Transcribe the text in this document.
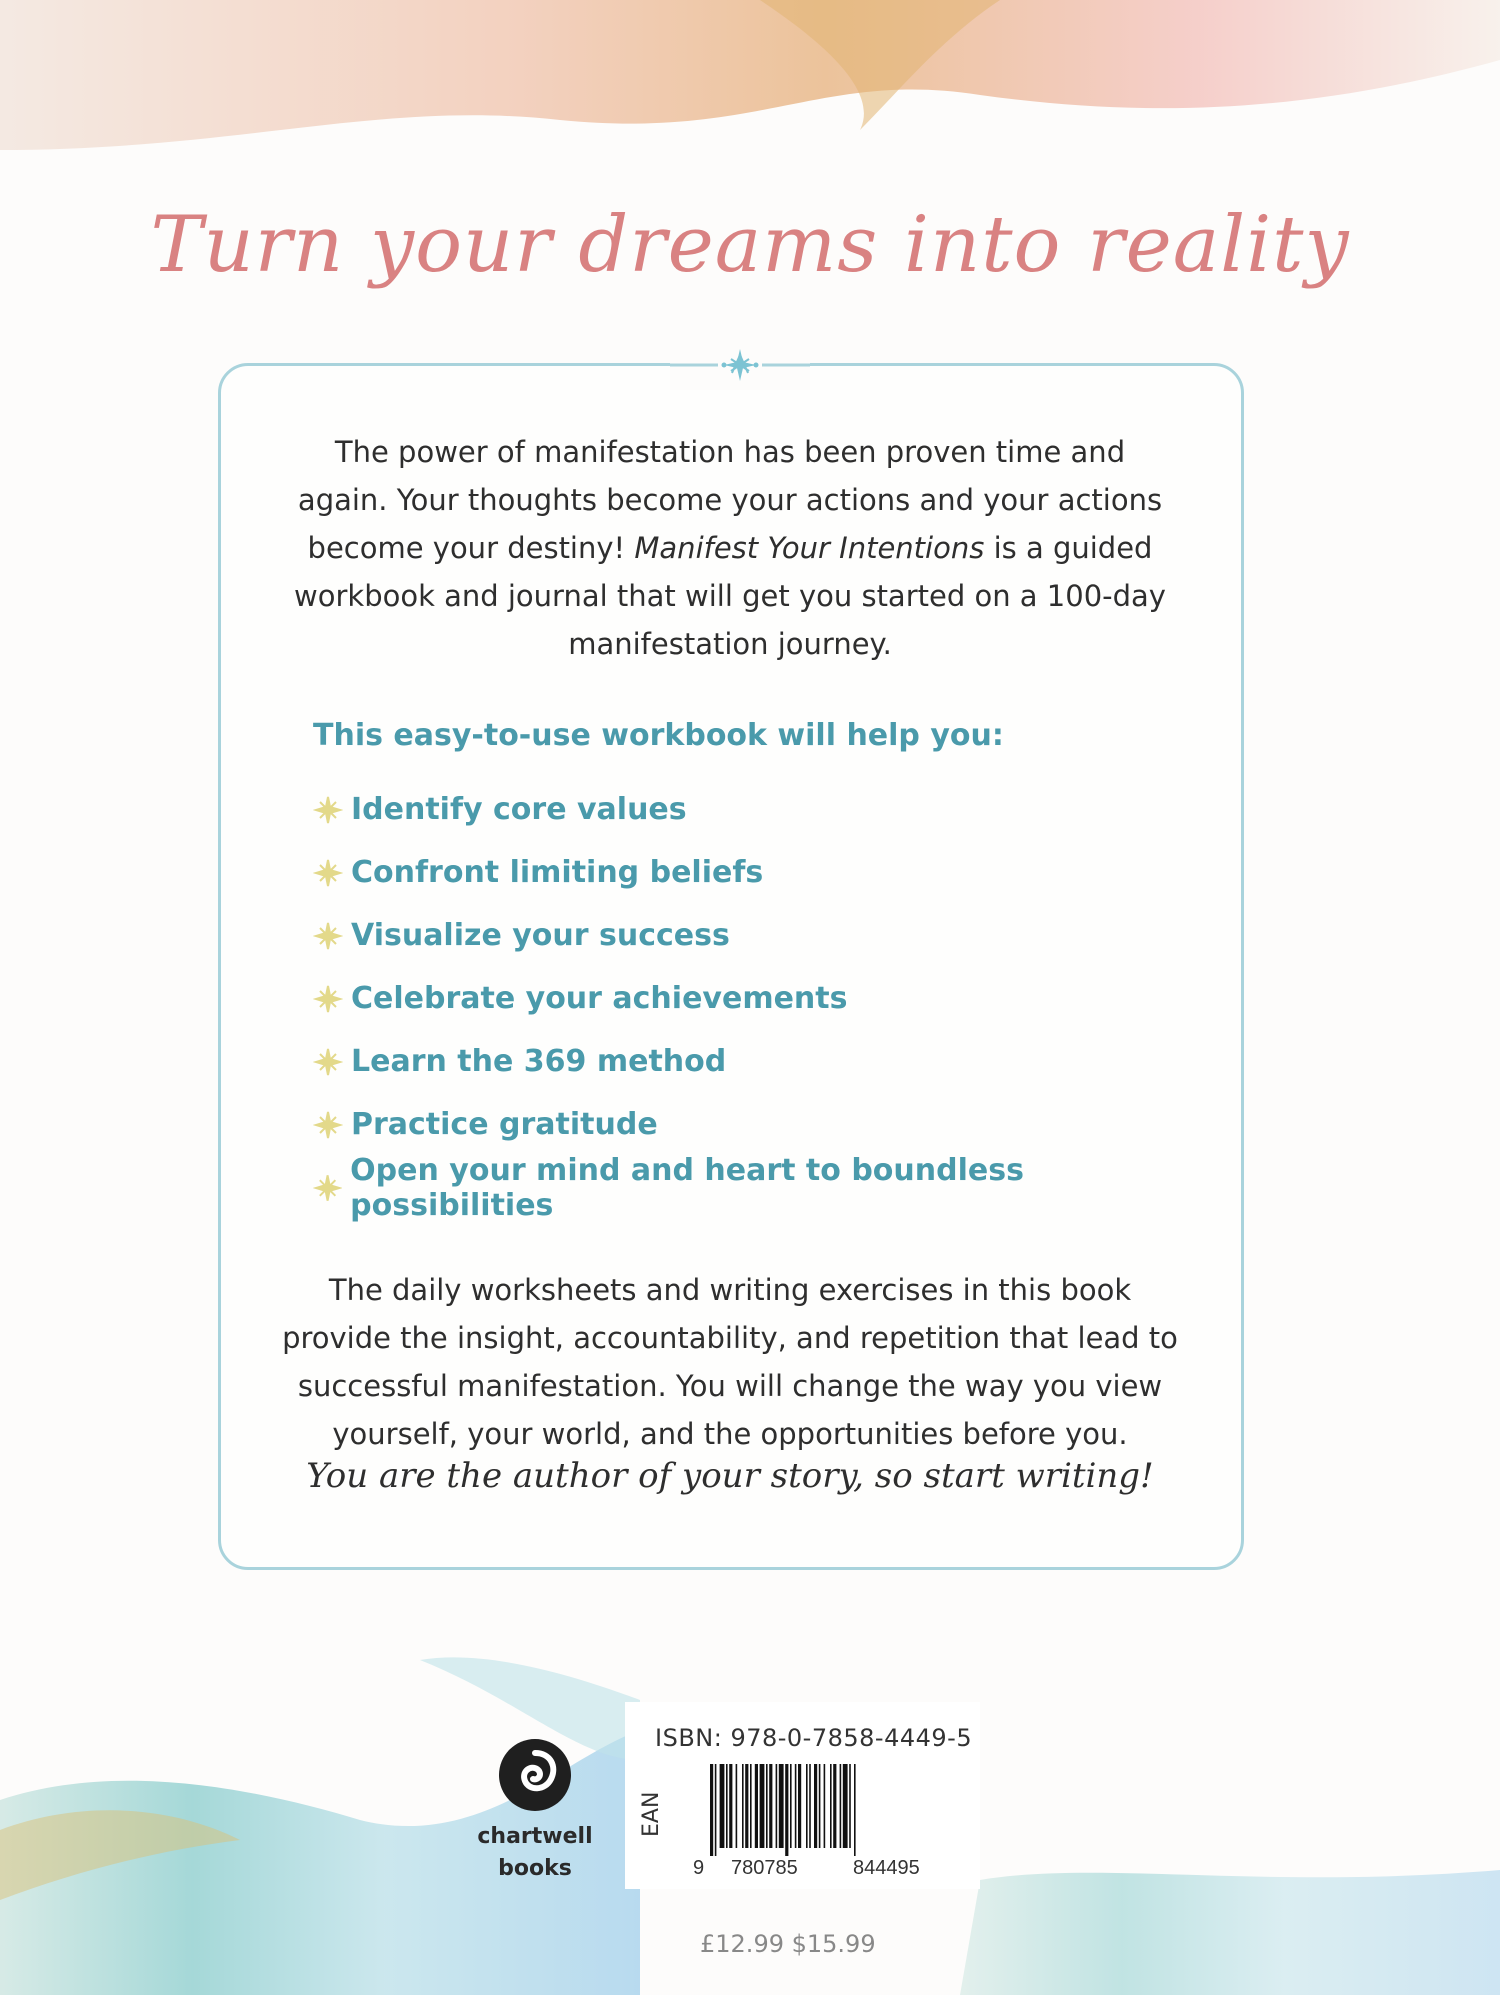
Turn your dreams into reality
The power of manifestation has been proven time and again. Your thoughts become your actions and your actions become your destiny! Manifest Your Intentions is a guided workbook and journal that will get you started on a 100-day manifestation journey.
This easy-to-use workbook will help you:
Identify core values
Confront limiting beliefs
Visualize your success
Celebrate your achievements
Learn the 369 method
Practice gratitude
Open your mind and heart to boundless possibilities
The daily worksheets and writing exercises in this book provide the insight, accountability, and repetition that lead to successful manifestation. You will change the way you view yourself, your world, and the opportunities before you.
You are the author of your story, so start writing!
chartwell
books
ISBN: 978-0-7858-4449-5
EAN
9 780785	844495
£12.99 $15.99
